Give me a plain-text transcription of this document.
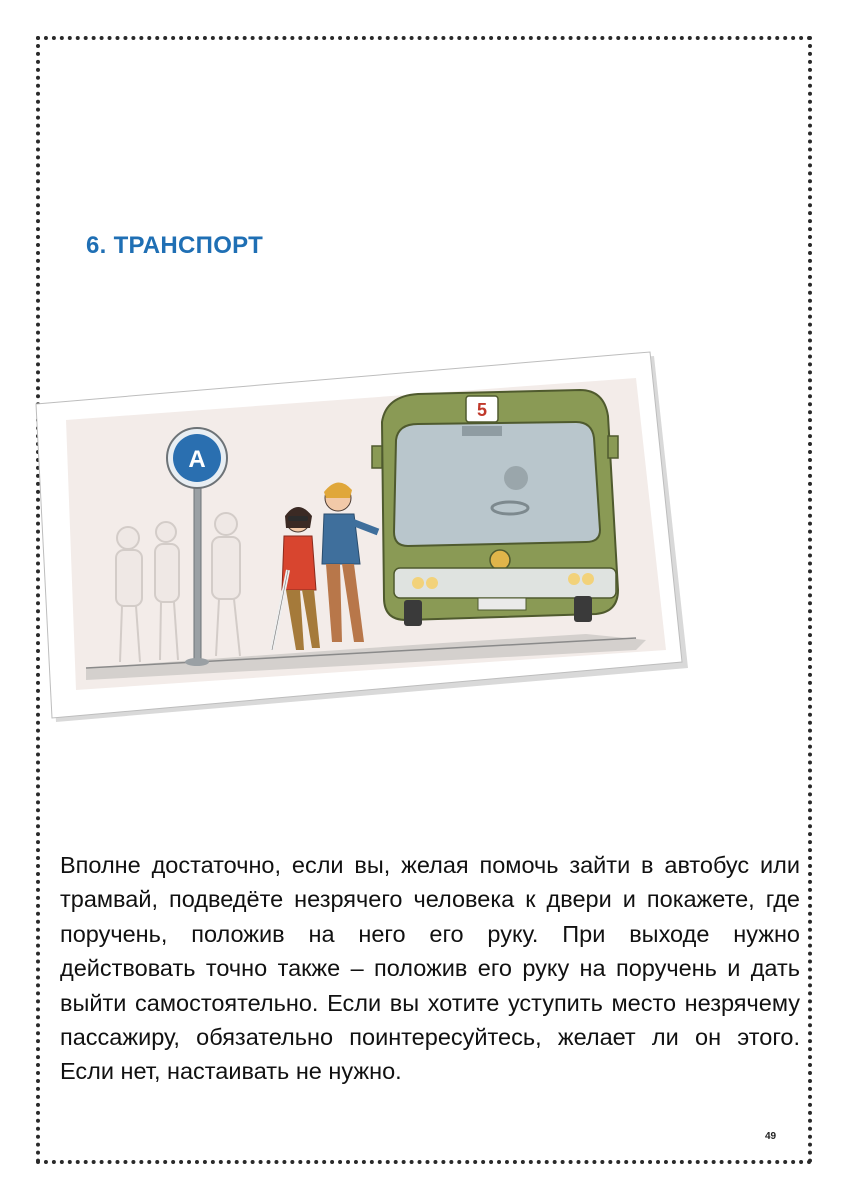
6. ТРАНСПОРТ
A
5

Вполне достаточно, если вы, желая помочь зайти в автобус или трамвай, подведёте незрячего человека к двери и покажете, где поручень, положив на него его руку. При выходе нужно действовать точно также – положив его руку на поручень и дать выйти самостоятельно. Если вы хотите уступить место незрячему пассажиру, обязательно поинтересуйтесь, желает ли он этого. Если нет, настаивать не нужно.

49
